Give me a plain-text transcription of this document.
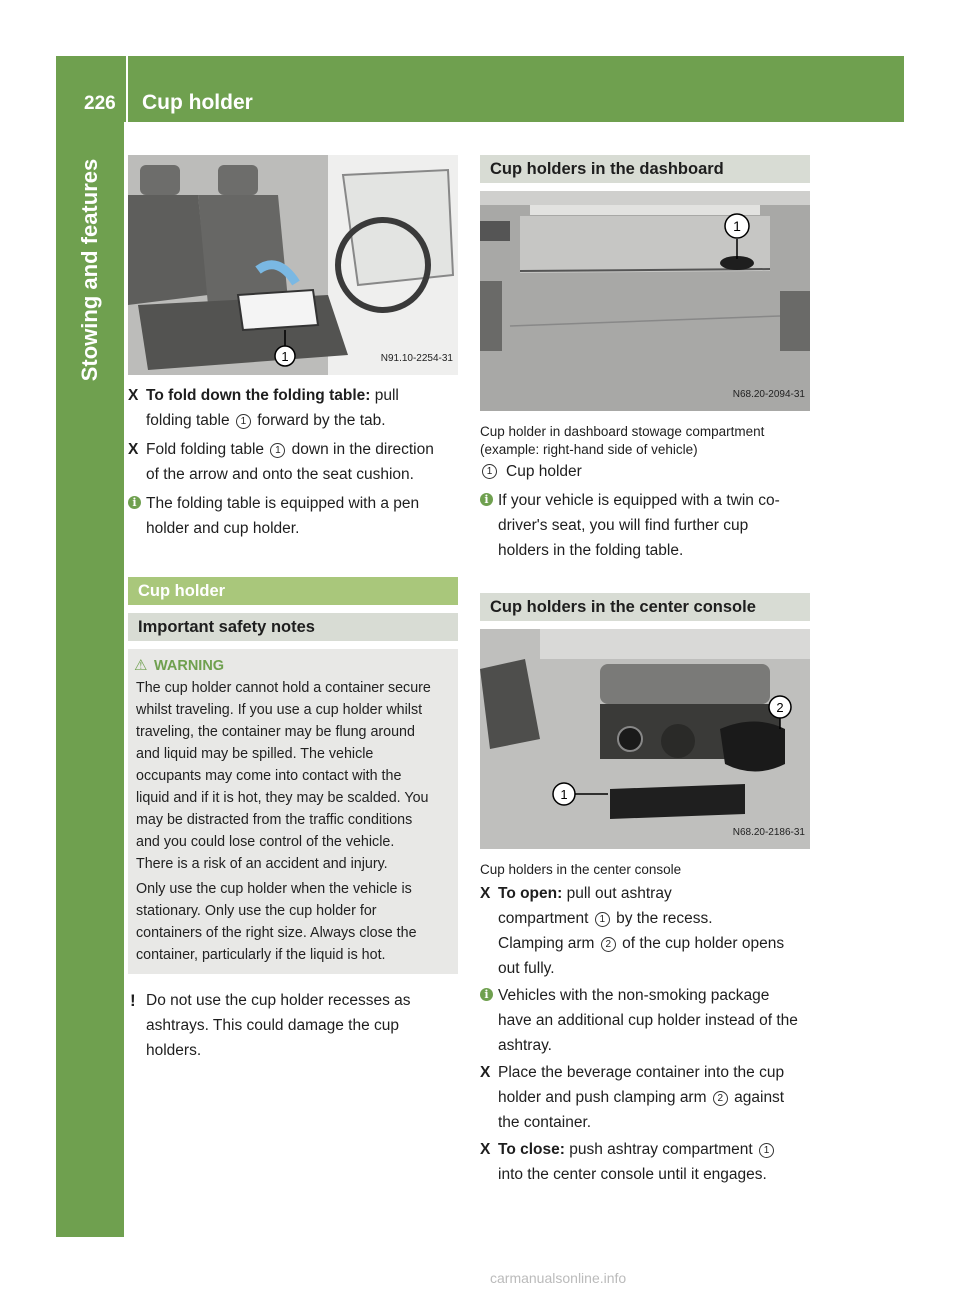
226 Cup holder
Stowing and features	1	N91.10-2254-31

X To fold down the folding table: pull
folding table 1 forward by the tab.

X Fold folding table 1 down in the direction
of the arrow and onto the seat cushion.

i The folding table is equipped with a pen
holder and cup holder.

Cup holder
Important safety notes
⚠ WARNING
The cup holder cannot hold a container secure
whilst traveling. If you use a cup holder whilst
traveling, the container may be flung around
and liquid may be spilled. The vehicle
occupants may come into contact with the
liquid and if it is hot, they may be scalded. You
may be distracted from the traffic conditions
and you could lose control of the vehicle.
There is a risk of an accident and injury.
Only use the cup holder when the vehicle is
stationary. Only use the cup holder for
containers of the right size. Always close the
container, particularly if the liquid is hot.

! Do not use the cup holder recesses as
ashtrays. This could damage the cup
holders.

Cup holders in the dashboard
1
N68.20-2094-31
Cup holder in dashboard stowage compartment
(example: right-hand side of vehicle)
1 Cup holder

i If your vehicle is equipped with a twin co-
driver's seat, you will find further cup
holders in the folding table.

Cup holders in the center console
1
2
N68.20-2186-31
Cup holders in the center console

X To open: pull out ashtray
compartment 1 by the recess.
Clamping arm 2 of the cup holder opens
out fully.

i Vehicles with the non-smoking package
have an additional cup holder instead of the
ashtray.

X Place the beverage container into the cup
holder and push clamping arm 2 against
the container.

X To close: push ashtray compartment 1
into the center console until it engages.

carmanualsonline.info
